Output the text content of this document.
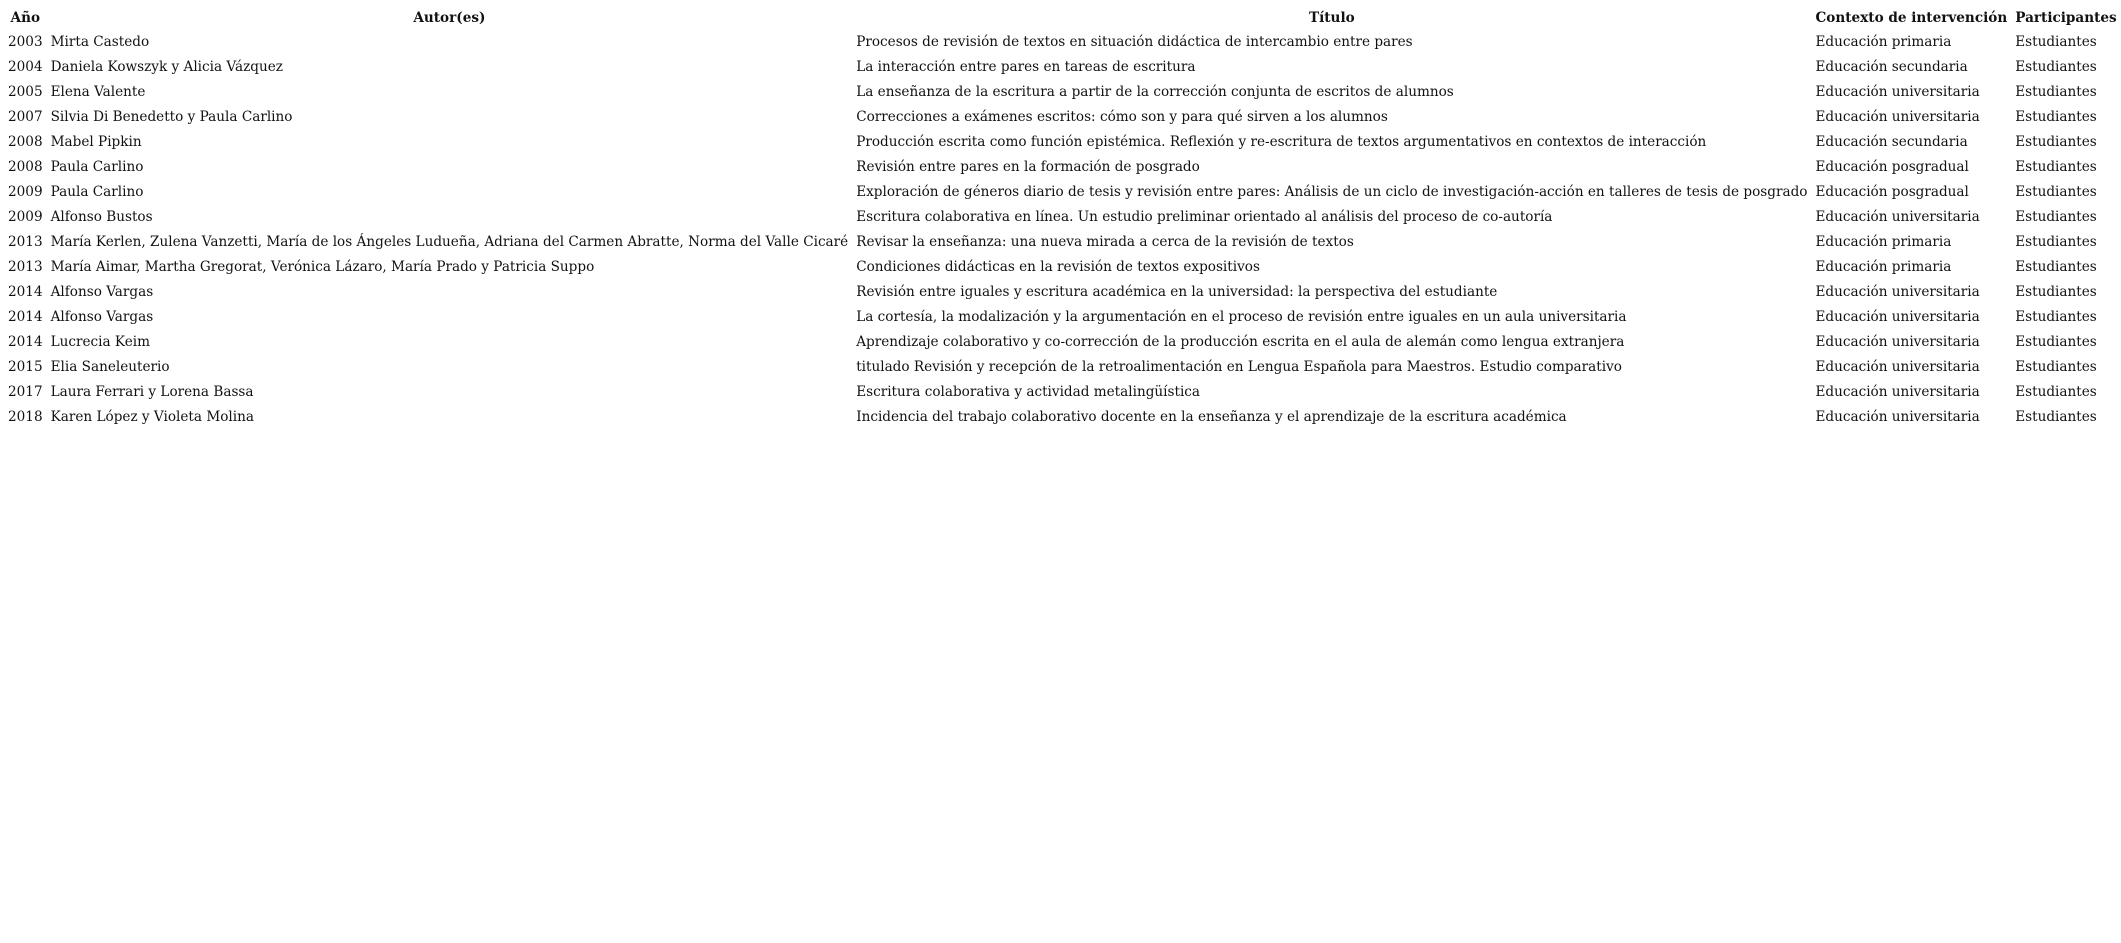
Año	Autor(es)	Título	Contexto de intervención	Participantes
2003	Mirta Castedo	Procesos de revisión de textos en situación didáctica de intercambio entre pares	Educación primaria	Estudiantes
2004	Daniela Kowszyk y Alicia Vázquez	La interacción entre pares en tareas de escritura	Educación secundaria	Estudiantes
2005	Elena Valente	La enseñanza de la escritura a partir de la corrección conjunta de escritos de alumnos	Educación universitaria	Estudiantes
2007	Silvia Di Benedetto y Paula Carlino	Correcciones a exámenes escritos: cómo son y para qué sirven a los alumnos	Educación universitaria	Estudiantes
2008	Mabel Pipkin	Producción escrita como función epistémica. Reflexión y re-escritura de textos argumentativos en contextos de interacción	Educación secundaria	Estudiantes
2008	Paula Carlino	Revisión entre pares en la formación de posgrado	Educación posgradual	Estudiantes
2009	Paula Carlino	Exploración de géneros diario de tesis y revisión entre pares: Análisis de un ciclo de investigación-acción en talleres de tesis de posgrado	Educación posgradual	Estudiantes
2009	Alfonso Bustos	Escritura colaborativa en línea. Un estudio preliminar orientado al análisis del proceso de co-autoría	Educación universitaria	Estudiantes
2013	María Kerlen, Zulena Vanzetti, María de los Ángeles Ludueña, Adriana del Carmen Abratte, Norma del Valle Cicaré	Revisar la enseñanza: una nueva mirada a cerca de la revisión de textos	Educación primaria	Estudiantes
2013	María Aimar, Martha Gregorat, Verónica Lázaro, María Prado y Patricia Suppo	Condiciones didácticas en la revisión de textos expositivos	Educación primaria	Estudiantes
2014	Alfonso Vargas	Revisión entre iguales y escritura académica en la universidad: la perspectiva del estudiante	Educación universitaria	Estudiantes
2014	Alfonso Vargas	La cortesía, la modalización y la argumentación en el proceso de revisión entre iguales en un aula universitaria	Educación universitaria	Estudiantes
2014	Lucrecia Keim	Aprendizaje colaborativo y co-corrección de la producción escrita en el aula de alemán como lengua extranjera	Educación universitaria	Estudiantes
2015	Elia Saneleuterio	titulado Revisión y recepción de la retroalimentación en Lengua Española para Maestros. Estudio comparativo	Educación universitaria	Estudiantes
2017	Laura Ferrari y Lorena Bassa	Escritura colaborativa y actividad metalingüística	Educación universitaria	Estudiantes
2018	Karen López y Violeta Molina	Incidencia del trabajo colaborativo docente en la enseñanza y el aprendizaje de la escritura académica	Educación universitaria	Estudiantes
